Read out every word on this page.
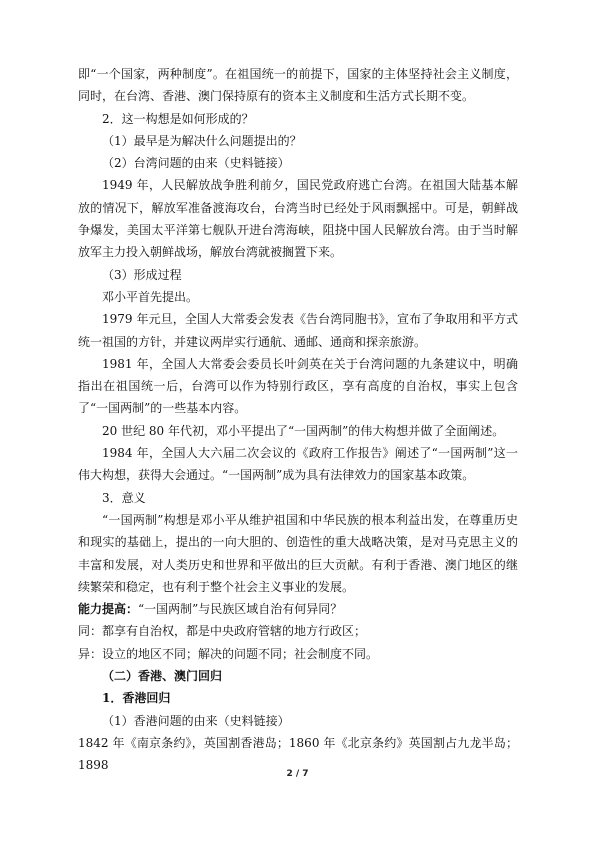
即“一个国家，两种制度”。在祖国统一的前提下，国家的主体坚持社会主义制度，同时，在台湾、香港、澳门保持原有的资本主义制度和生活方式长期不变。

2．这一构想是如何形成的？

（1）最早是为解决什么问题提出的？

（2）台湾问题的由来（史料链接）

1949 年，人民解放战争胜利前夕，国民党政府逃亡台湾。在祖国大陆基本解放的情况下，解放军准备渡海攻台，台湾当时已经处于风雨飘摇中。可是，朝鲜战争爆发，美国太平洋第七舰队开进台湾海峡，阻挠中国人民解放台湾。由于当时解放军主力投入朝鲜战场，解放台湾就被搁置下来。

（3）形成过程

邓小平首先提出。

1979 年元旦，全国人大常委会发表《告台湾同胞书》，宣布了争取用和平方式统一祖国的方针，并建议两岸实行通航、通邮、通商和探亲旅游。

1981 年，全国人大常委会委员长叶剑英在关于台湾问题的九条建议中，明确指出在祖国统一后，台湾可以作为特别行政区，享有高度的自治权，事实上包含了“一国两制”的一些基本内容。

20 世纪 80 年代初，邓小平提出了“一国两制”的伟大构想并做了全面阐述。

1984 年，全国人大六届二次会议的《政府工作报告》阐述了“一国两制”这一伟大构想，获得大会通过。“一国两制”成为具有法律效力的国家基本政策。

3．意义

“一国两制”构想是邓小平从维护祖国和中华民族的根本利益出发，在尊重历史和现实的基础上，提出的一向大胆的、创造性的重大战略决策，是对马克思主义的丰富和发展，对人类历史和世界和平做出的巨大贡献。有利于香港、澳门地区的继续繁荣和稳定，也有利于整个社会主义事业的发展。

能力提高：“一国两制”与民族区域自治有何异同？

同：都享有自治权，都是中央政府管辖的地方行政区；

异：设立的地区不同；解决的问题不同；社会制度不同。

（二）香港、澳门回归

1．香港回归

（1）香港问题的由来（史料链接）

1842 年《南京条约》，英国割香港岛；1860 年《北京条约》英国割占九龙半岛；1898

2 / 7
